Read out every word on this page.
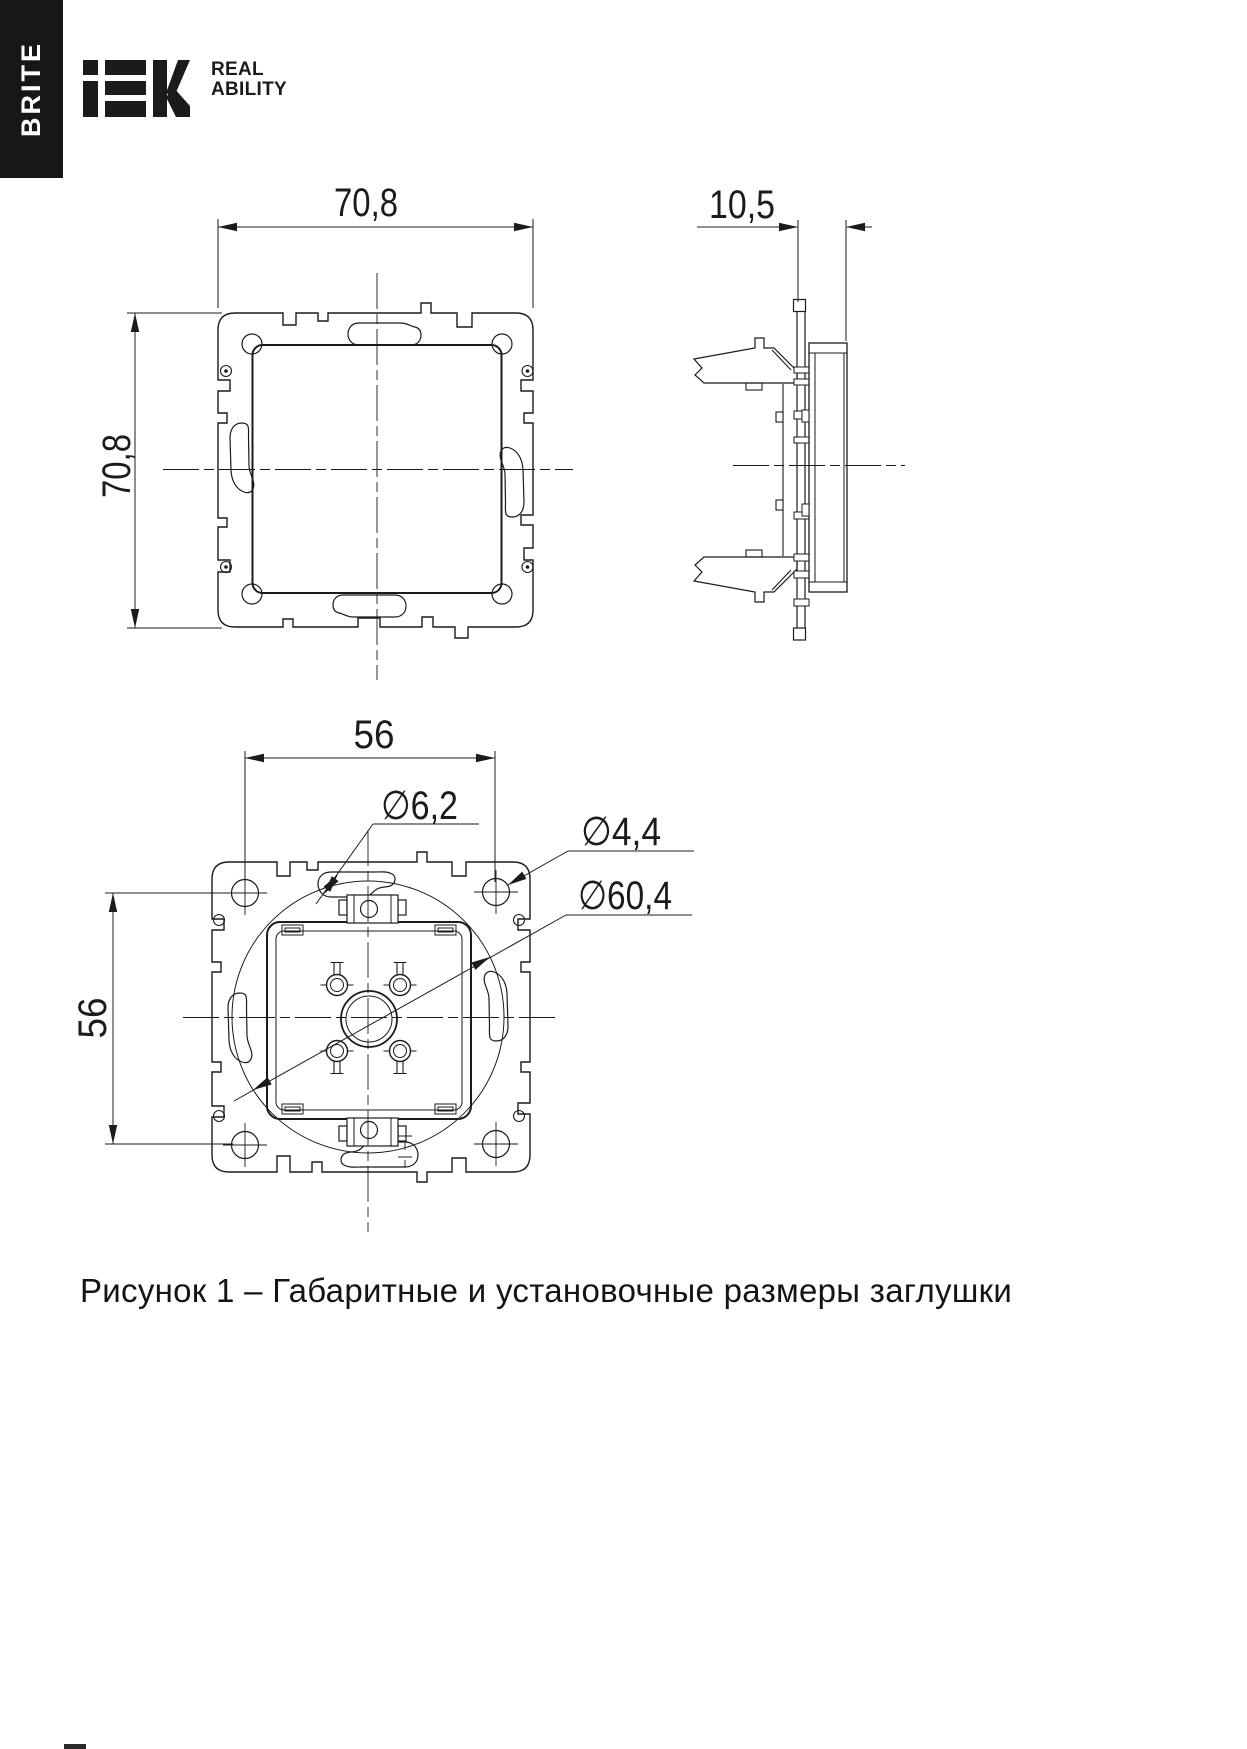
BRITE	REAL
ABILITY
70,8
70,8
10,5
56
56
∅6,2
∅4,4
∅60,4
Рисунок 1 – Габаритные и установочные размеры заглушки
